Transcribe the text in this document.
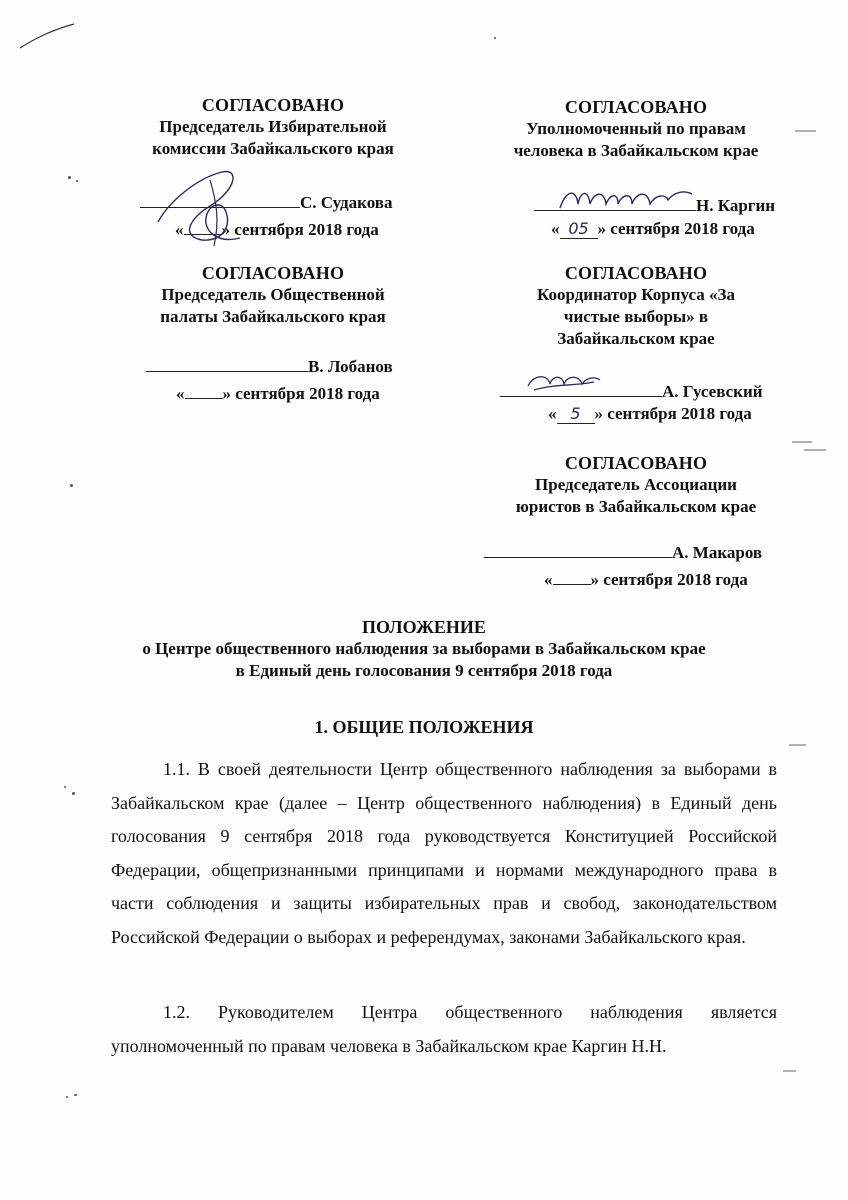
СОГЛАСОВАНО
Председатель Избирательной
комиссии Забайкальского края
С. Судакова
« » сентября 2018 года
СОГЛАСОВАНО
Уполномоченный по правам
человека в Забайкальском крае
Н. Каргин
« 05 » сентября 2018 года
СОГЛАСОВАНО
Председатель Общественной
палаты Забайкальского края
В. Лобанов
« » сентября 2018 года
СОГЛАСОВАНО
Координатор Корпуса «За
чистые выборы» в
Забайкальском крае
А. Гусевский
« 5 » сентября 2018 года
СОГЛАСОВАНО
Председатель Ассоциации
юристов в Забайкальском крае
А. Макаров
« » сентября 2018 года
ПОЛОЖЕНИЕ
о Центре общественного наблюдения за выборами в Забайкальском крае
в Единый день голосования 9 сентября 2018 года
1. ОБЩИЕ ПОЛОЖЕНИЯ
1.1. В своей деятельности Центр общественного наблюдения за выборами в Забайкальском крае (далее – Центр общественного наблюдения) в Единый день голосования 9 сентября 2018 года руководствуется Конституцией Российской Федерации, общепризнанными принципами и нормами международного права в части соблюдения и защиты избирательных прав и свобод, законодательством Российской Федерации о выборах и референдумах, законами Забайкальского края.
1.2. Руководителем Центра общественного наблюдения является уполномоченный по правам человека в Забайкальском крае Каргин Н.Н.
